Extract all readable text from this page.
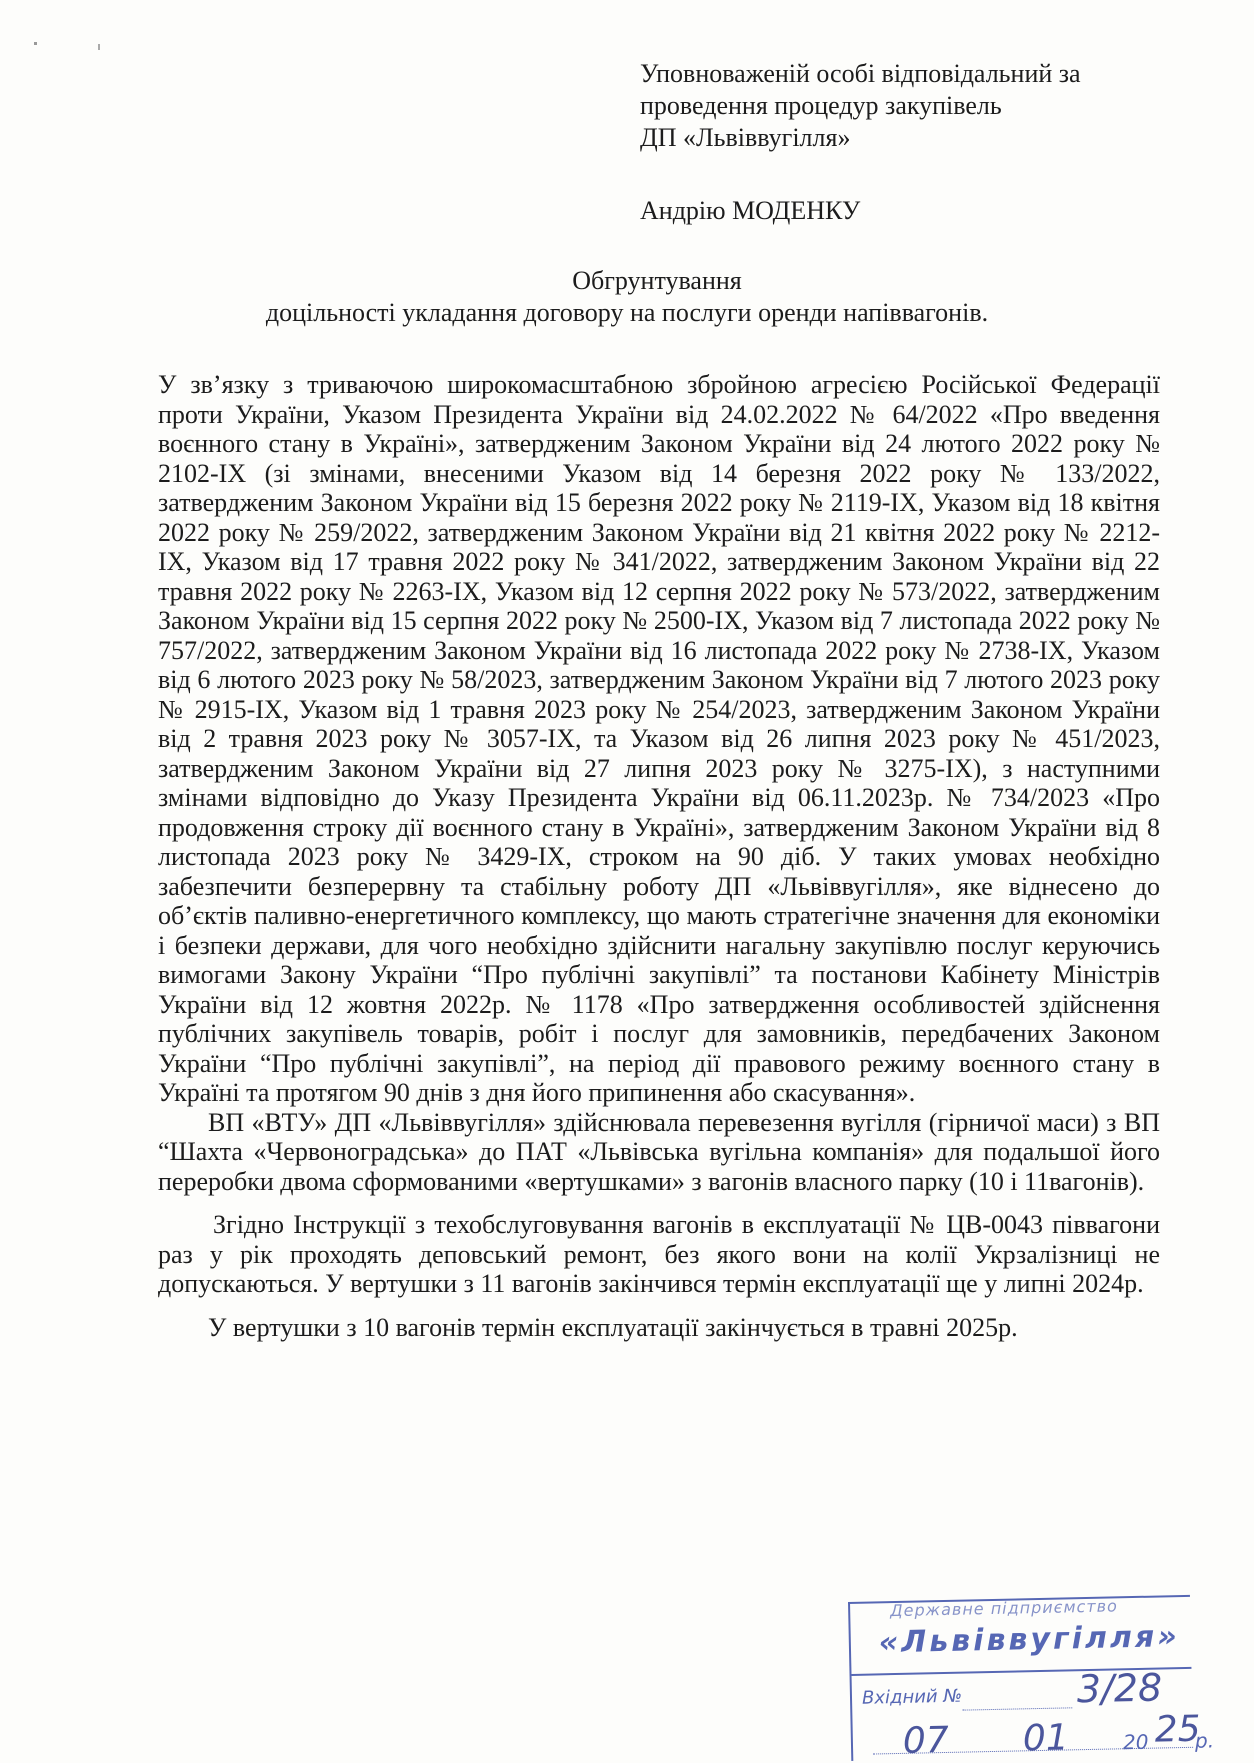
Уповноваженій особі відповідальний за
проведення процедур закупівель
ДП «Львіввугілля»
Андрію МОДЕНКУ
Обгрунтування
доцільності укладання договору на послуги оренди напіввагонів.

У зв’язку з триваючою широкомасштабною збройною агресією Російської Федерації проти України, Указом Президента України від 24.02.2022 № 64/2022 «Про введення воєнного стану в Україні», затвердженим Законом України від 24 лютого 2022 року № 2102-IX (зі змінами, внесеними Указом від 14 березня 2022 року № 133/2022, затвердженим Законом України від 15 березня 2022 року № 2119-IX, Указом від 18 квітня 2022 року № 259/2022, затвердженим Законом України від 21 квітня 2022 року № 2212-IX, Указом від 17 травня 2022 року № 341/2022, затвердженим Законом України від 22 травня 2022 року № 2263-IX, Указом від 12 серпня 2022 року № 573/2022, затвердженим Законом України від 15 серпня 2022 року № 2500-IX, Указом від 7 листопада 2022 року № 757/2022, затвердженим Законом України від 16 листопада 2022 року № 2738-IX, Указом від 6 лютого 2023 року № 58/2023, затвердженим Законом України від 7 лютого 2023 року № 2915-IX, Указом від 1 травня 2023 року № 254/2023, затвердженим Законом України від 2 травня 2023 року № 3057-IX, та Указом від 26 липня 2023 року № 451/2023, затвердженим Законом України від 27 липня 2023 року № 3275-IX), з наступними змінами відповідно до Указу Президента України від 06.11.2023р. № 734/2023 «Про продовження строку дії воєнного стану в Україні», затвердженим Законом України від 8 листопада 2023 року № 3429-IX, строком на 90 діб. У таких умовах необхідно забезпечити безперервну та стабільну роботу ДП «Львіввугілля», яке віднесено до об’єктів паливно-енергетичного комплексу, що мають стратегічне значення для економіки і безпеки держави, для чого необхідно здійснити нагальну закупівлю послуг керуючись вимогами Закону України “Про публічні закупівлі” та постанови Кабінету Міністрів України від 12 жовтня 2022р. № 1178 «Про затвердження особливостей здійснення публічних закупівель товарів, робіт і послуг для замовників, передбачених Законом України “Про публічні закупівлі”, на період дії правового режиму воєнного стану в Україні та протягом 90 днів з дня його припинення або скасування».

ВП «ВТУ» ДП «Львіввугілля» здійснювала перевезення вугілля (гірничої маси) з ВП “Шахта «Червоноградська» до ПАТ «Львівська вугільна компанія» для подальшої його переробки двома сформованими «вертушками» з вагонів власного парку (10 і 11вагонів).

Згідно Інструкції з техобслуговування вагонів в експлуатації № ЦВ-0043 піввагони раз у рік проходять деповський ремонт, без якого вони на колії Укрзалізниці не допускаються. У вертушки з 11 вагонів закінчився термін експлуатації ще у липні 2024р.

У вертушки з 10 вагонів термін експлуатації закінчується в травні 2025р.

Державне підприємство
«Львіввугілля»
Вхідний №	3/28
07 01	20 25
р.
